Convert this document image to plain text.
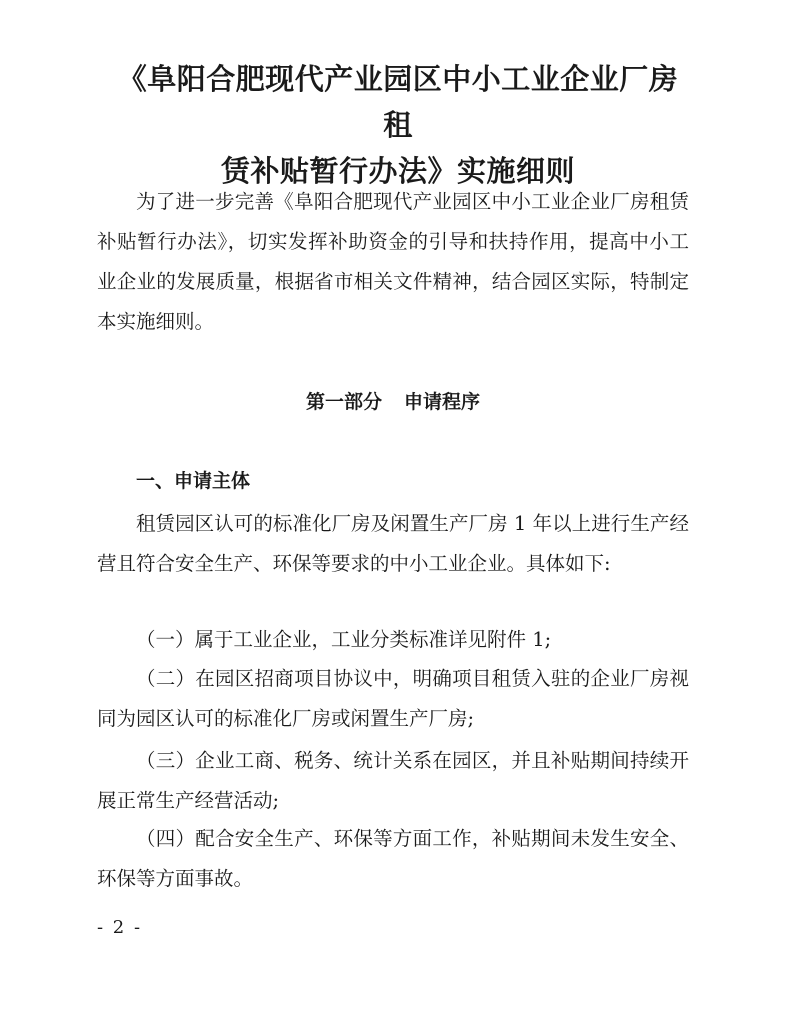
《阜阳合肥现代产业园区中小工业企业厂房租
赁补贴暂行办法》实施细则

为了进一步完善《阜阳合肥现代产业园区中小工业企业厂房租赁补贴暂行办法》，切实发挥补助资金的引导和扶持作用，提高中小工业企业的发展质量，根据省市相关文件精神，结合园区实际，特制定本实施细则。

第一部分 申请程序
一、申请主体

租赁园区认可的标准化厂房及闲置生产厂房 1 年以上进行生产经营且符合安全生产、环保等要求的中小工业企业。具体如下:

（一）属于工业企业，工业分类标准详见附件 1;

（二）在园区招商项目协议中，明确项目租赁入驻的企业厂房视同为园区认可的标准化厂房或闲置生产厂房;

（三）企业工商、税务、统计关系在园区，并且补贴期间持续开展正常生产经营活动;

（四）配合安全生产、环保等方面工作，补贴期间未发生安全、环保等方面事故。

- 2 -
